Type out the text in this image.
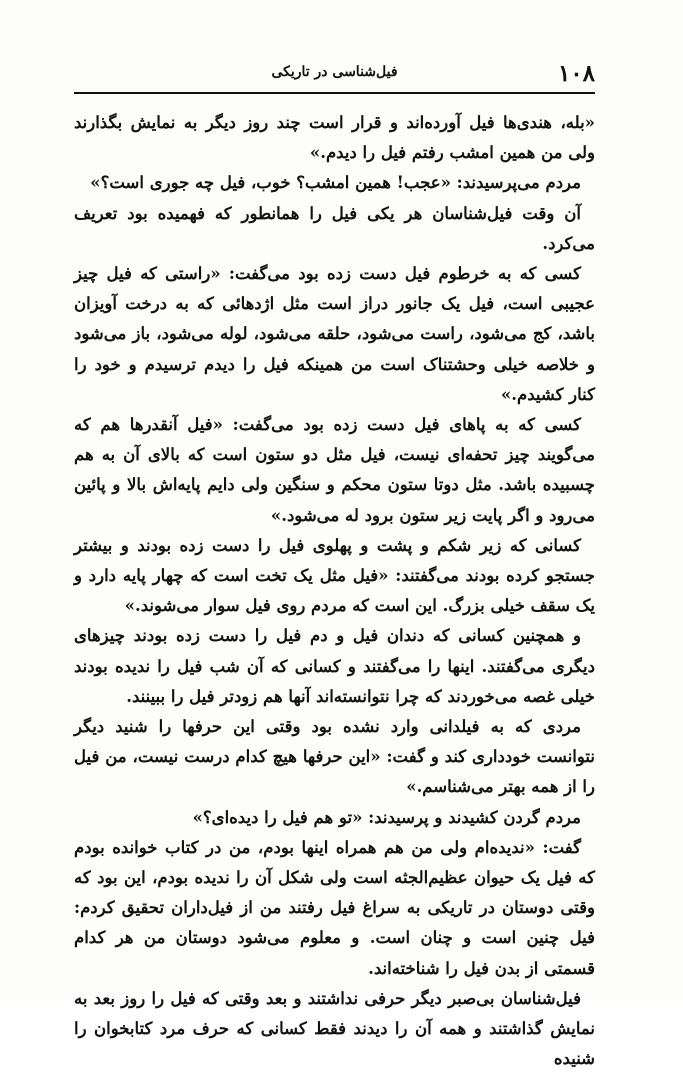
۱۰۸
فیل‌شناسی در تاریکی

«بله، هندی‌ها فیل آورده‌اند و قرار است چند روز دیگر به نمایش بگذارند ولی من همین امشب رفتم فیل را دیدم.»

مردم می‌پرسیدند: «عجب! همین امشب؟ خوب، فیل چه جوری است؟»

آن وقت فیل‌شناسان هر یکی فیل را همانطور که فهمیده بود تعریف می‌کرد.

کسی که به خرطوم فیل دست زده بود می‌گفت: «راستی که فیل چیز عجیبی است، فیل یک جانور دراز است مثل اژدهائی که به درخت آویزان باشد، کج می‌شود، راست می‌شود، حلقه می‌شود، لوله می‌شود، باز می‌شود و خلاصه خیلی وحشتناک است من همینکه فیل را دیدم ترسیدم و خود را کنار کشیدم.»

کسی که به پاهای فیل دست زده بود می‌گفت: «فیل آنقدرها هم که می‌گویند چیز تحفه‌ای نیست، فیل مثل دو ستون است که بالای آن به هم چسبیده باشد. مثل دوتا ستون محکم و سنگین ولی دایم پایه‌اش بالا و پائین می‌رود و اگر پایت زیر ستون برود له می‌شود.»

کسانی که زیر شکم و پشت و پهلوی فیل را دست زده بودند و بیشتر جستجو کرده بودند می‌گفتند: «فیل مثل یک تخت است که چهار پایه دارد و یک سقف خیلی بزرگ. این است که مردم روی فیل سوار می‌شوند.»

و همچنین کسانی که دندان فیل و دم فیل را دست زده بودند چیزهای دیگری می‌گفتند. اینها را می‌گفتند و کسانی که آن شب فیل را ندیده بودند خیلی غصه می‌خوردند که چرا نتوانسته‌اند آنها هم زودتر فیل را ببینند.

مردی که به فیلدانی وارد نشده بود وقتی این حرفها را شنید دیگر نتوانست خودداری کند و گفت: «این حرفها هیچ کدام درست نیست، من فیل را از همه بهتر می‌شناسم.»

مردم گردن کشیدند و پرسیدند: «تو هم فیل را دیده‌ای؟»

گفت: «ندیده‌ام ولی من هم همراه اینها بودم، من در کتاب خوانده بودم که فیل یک حیوان عظیم‌الجثه است ولی شکل آن را ندیده بودم، این بود که وقتی دوستان در تاریکی به سراغ فیل رفتند من از فیل‌داران تحقیق کردم: فیل چنین است و چنان است. و معلوم می‌شود دوستان من هر کدام قسمتی از بدن فیل را شناخته‌اند.

فیل‌شناسان بی‌صبر دیگر حرفی نداشتند و بعد وقتی که فیل را روز بعد به نمایش گذاشتند و همه آن را دیدند فقط کسانی که حرف مرد کتابخوان را شنیده
